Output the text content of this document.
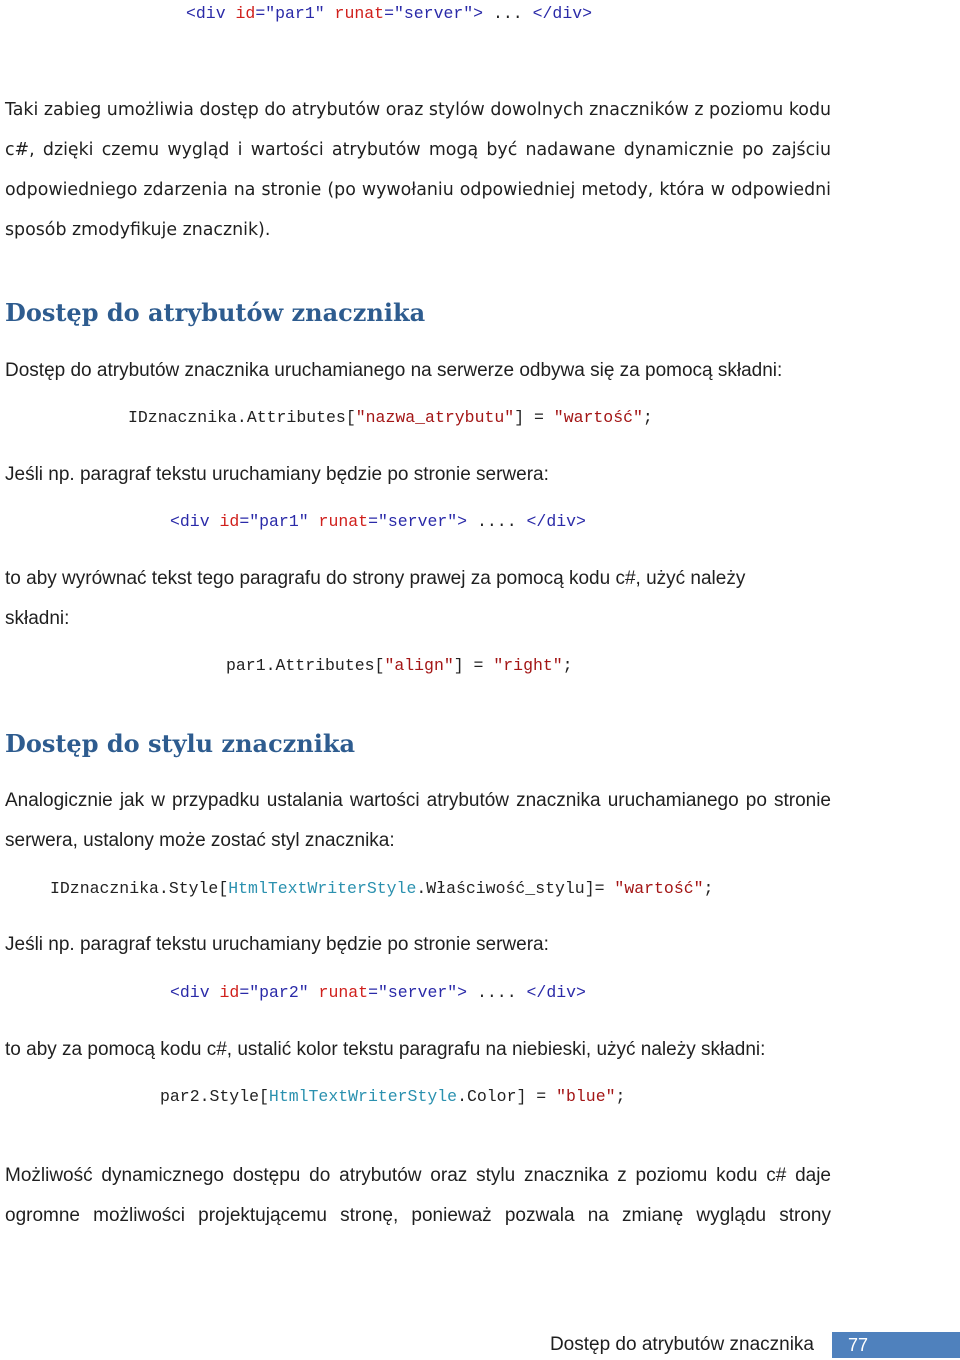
<div id="par1" runat="server"> ... </div>

Taki zabieg umożliwia dostęp do atrybutów oraz stylów dowolnych znaczników z poziomu kodu c#, dzięki czemu wygląd i wartości atrybutów mogą być nadawane dynamicznie po zajściu odpowiedniego zdarzenia na stronie (po wywołaniu odpowiedniej metody, która w odpowiedni sposób zmodyfikuje znacznik).

Dostęp do atrybutów znacznika

Dostęp do atrybutów znacznika uruchamianego na serwerze odbywa się za pomocą składni:

IDznacznika.Attributes["nazwa_atrybutu"] = "wartość";

Jeśli np. paragraf tekstu uruchamiany będzie po stronie serwera:

<div id="par1" runat="server"> .... </div>

to aby wyrównać tekst tego paragrafu do strony prawej za pomocą kodu c#, użyć należy składni:

par1.Attributes["align"] = "right";
Dostęp do stylu znacznika

Analogicznie jak w przypadku ustalania wartości atrybutów znacznika uruchamianego po stronie serwera, ustalony może zostać styl znacznika:

IDznacznika.Style[HtmlTextWriterStyle.Właściwość_stylu]= "wartość";

Jeśli np. paragraf tekstu uruchamiany będzie po stronie serwera:

<div id="par2" runat="server"> .... </div>

to aby za pomocą kodu c#, ustalić kolor tekstu paragrafu na niebieski, użyć należy składni:

par2.Style[HtmlTextWriterStyle.Color] = "blue";

Możliwość dynamicznego dostępu do atrybutów oraz stylu znacznika z poziomu kodu c# daje ogromne możliwości projektującemu stronę, ponieważ pozwala na zmianę wyglądu strony

Dostęp do atrybutów znacznika	77
